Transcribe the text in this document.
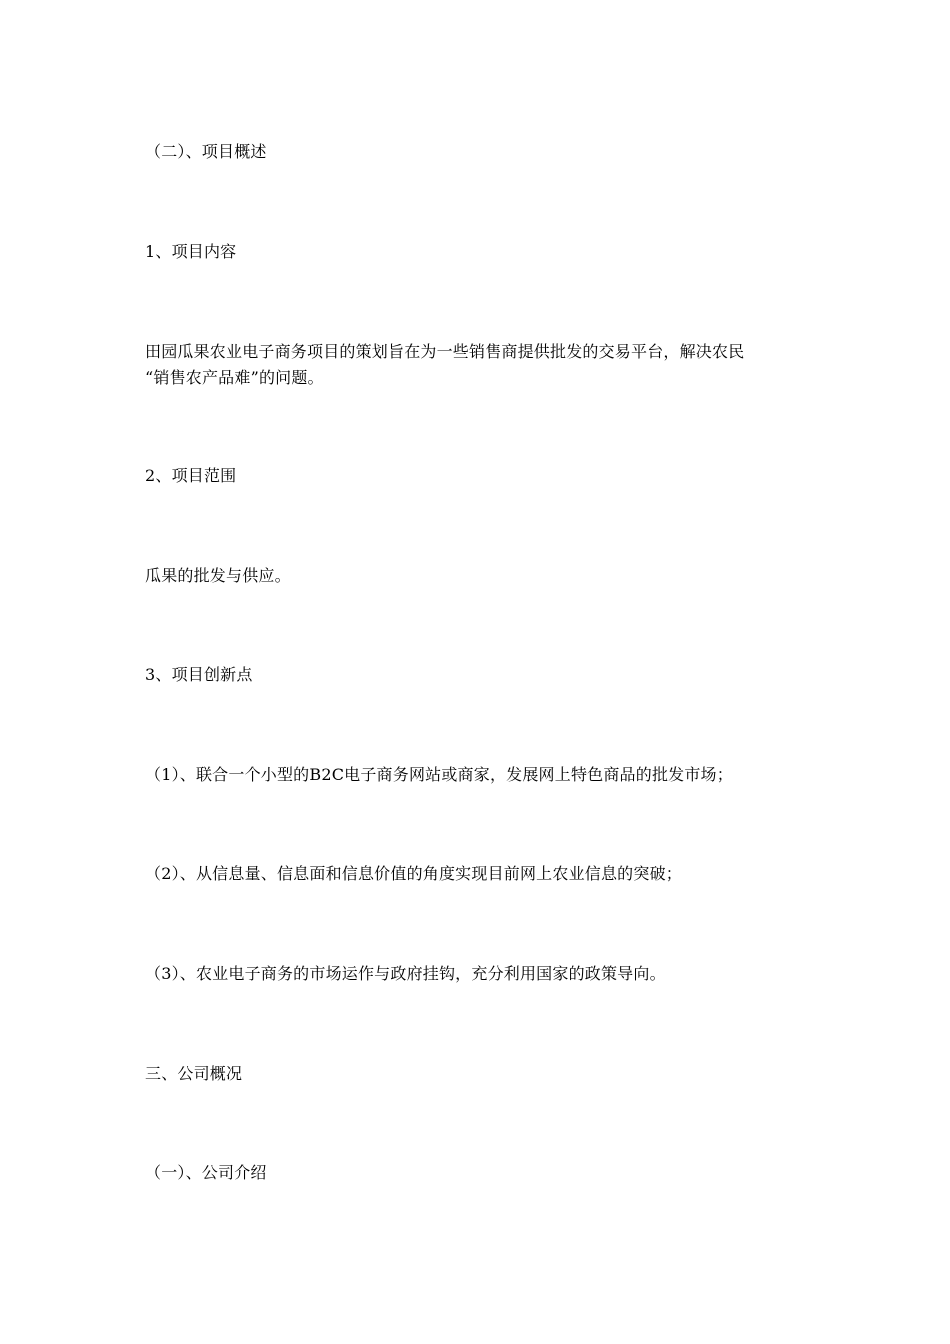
（二）、项目概述
1、项目内容
田园瓜果农业电子商务项目的策划旨在为一些销售商提供批发的交易平台，解决农民
“销售农产品难”的问题。
2、项目范围
瓜果的批发与供应。
3、项目创新点
（1）、联合一个小型的B2C电子商务网站或商家，发展网上特色商品的批发市场；
（2）、从信息量、信息面和信息价值的角度实现目前网上农业信息的突破；
（3）、农业电子商务的市场运作与政府挂钩，充分利用国家的政策导向。
三、公司概况
（一）、公司介绍
